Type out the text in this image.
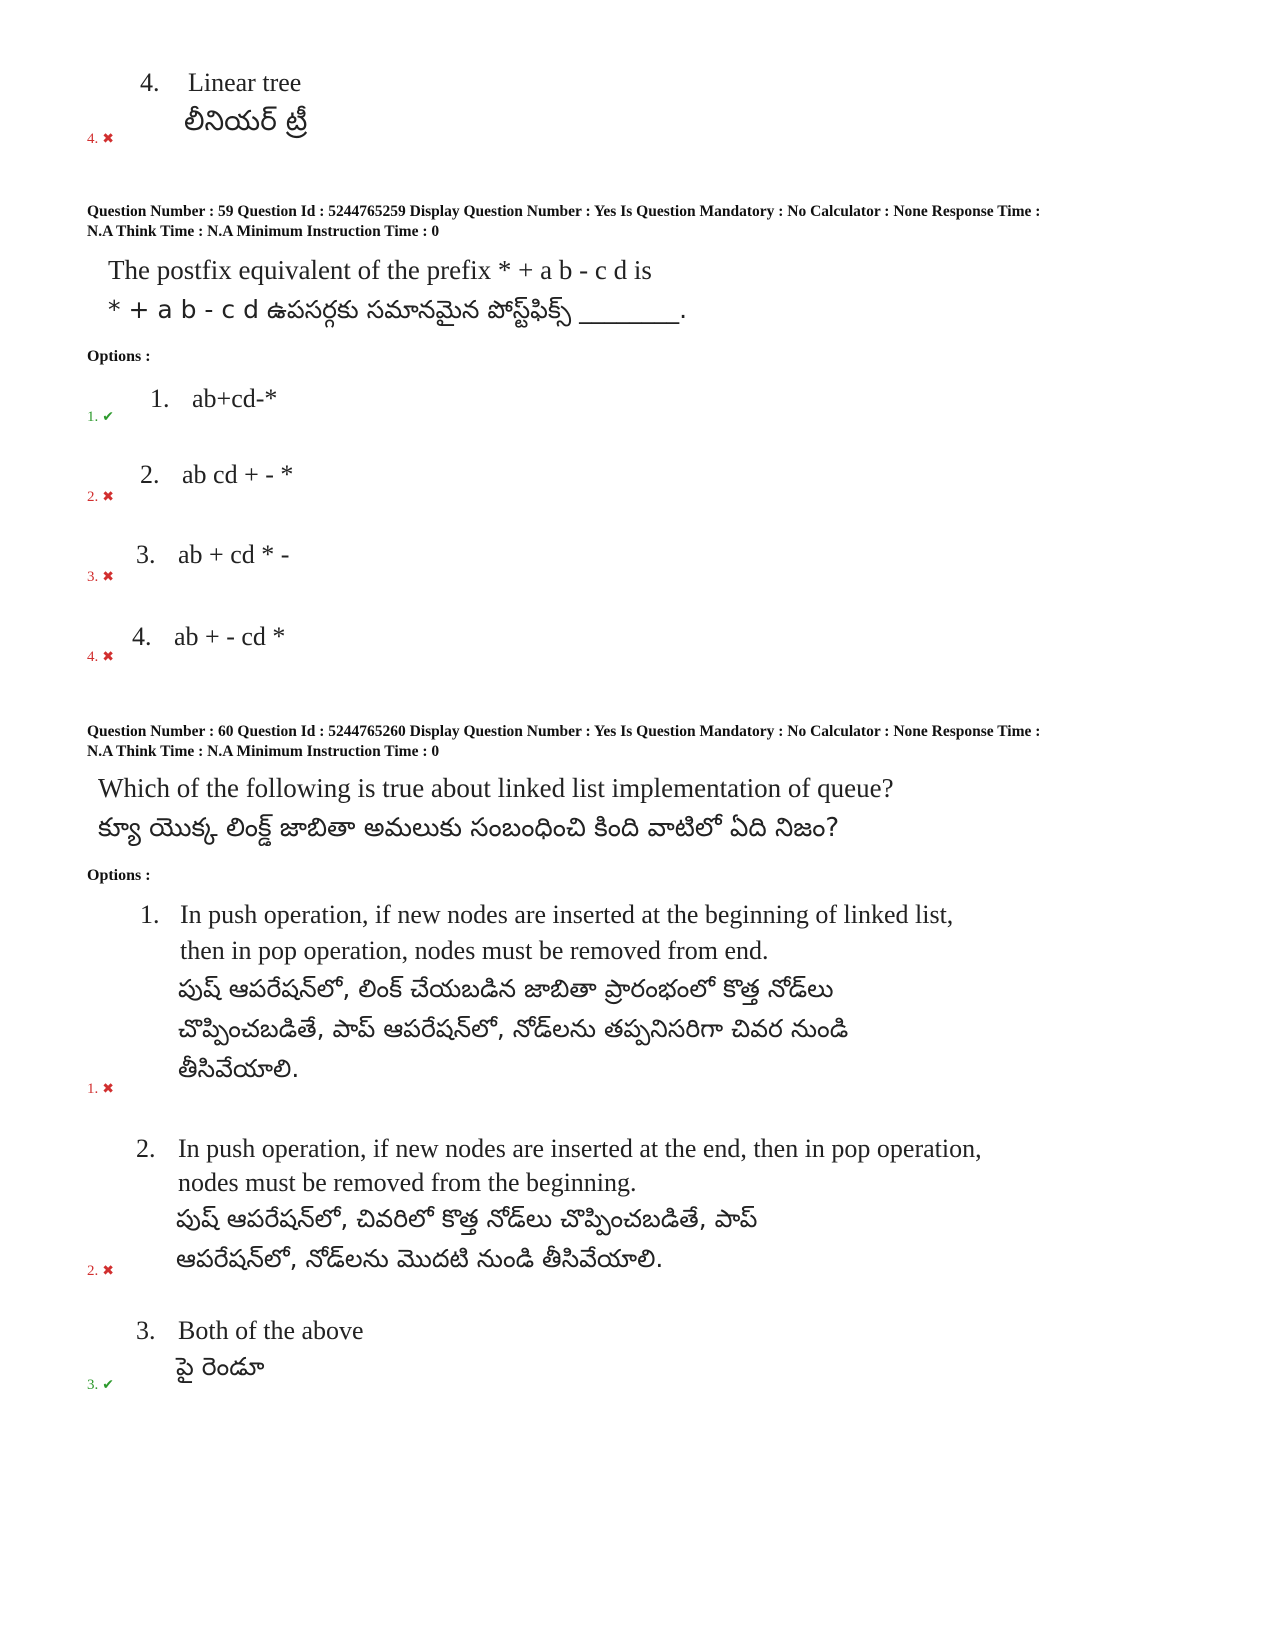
4. Linear tree
లీనియర్ ట్రీ
4. ✖
Question Number : 59 Question Id : 5244765259 Display Question Number : Yes Is Question Mandatory : No Calculator : None Response Time :
N.A Think Time : N.A Minimum Instruction Time : 0
The postfix equivalent of the prefix * + a b - c d is
* + a b - c d ఉపసర్గకు సమానమైన పోస్ట్‌ఫిక్స్ ________.
Options :
1. ab+cd-*
1. ✔
2. ab cd + - *
2. ✖
3. ab + cd * -
3. ✖
4. ab + - cd *
4. ✖
Question Number : 60 Question Id : 5244765260 Display Question Number : Yes Is Question Mandatory : No Calculator : None Response Time :
N.A Think Time : N.A Minimum Instruction Time : 0
Which of the following is true about linked list implementation of queue?
క్యూ యొక్క లింక్డ్ జాబితా అమలుకు సంబంధించి కింది వాటిలో ఏది నిజం?
Options :
1. In push operation, if new nodes are inserted at the beginning of linked list,
then in pop operation, nodes must be removed from end.
పుష్ ఆపరేషన్‌లో, లింక్ చేయబడిన జాబితా ప్రారంభంలో కొత్త నోడ్‌లు
చొప్పించబడితే, పాప్ ఆపరేషన్‌లో, నోడ్‌లను తప్పనిసరిగా చివర నుండి
తీసివేయాలి.
1. ✖
2. In push operation, if new nodes are inserted at the end, then in pop operation,
nodes must be removed from the beginning.
పుష్ ఆపరేషన్‌లో, చివరిలో కొత్త నోడ్‌లు చొప్పించబడితే, పాప్
ఆపరేషన్‌లో, నోడ్‌లను మొదటి నుండి తీసివేయాలి.
2. ✖
3. Both of the above
పై రెండూ
3. ✔
